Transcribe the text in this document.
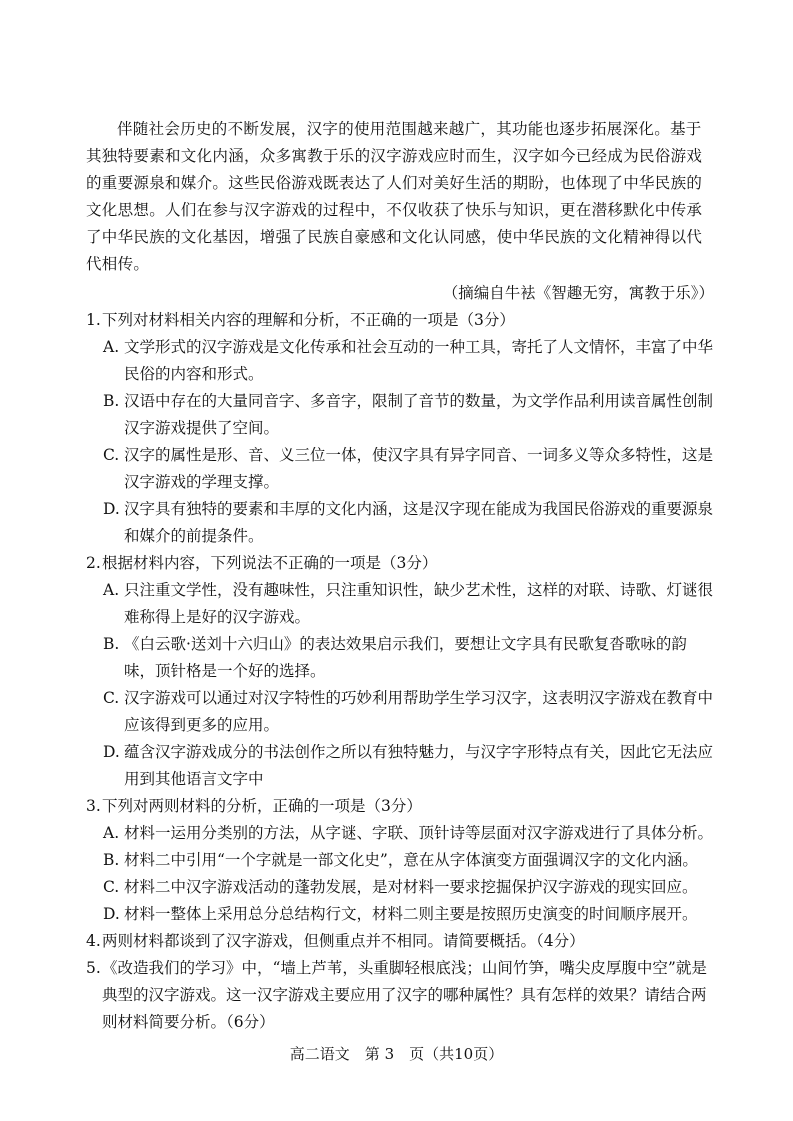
伴随社会历史的不断发展，汉字的使用范围越来越广，其功能也逐步拓展深化。基于其独特要素和文化内涵，众多寓教于乐的汉字游戏应时而生，汉字如今已经成为民俗游戏的重要源泉和媒介。这些民俗游戏既表达了人们对美好生活的期盼，也体现了中华民族的文化思想。人们在参与汉字游戏的过程中，不仅收获了快乐与知识，更在潜移默化中传承了中华民族的文化基因，增强了民族自豪感和文化认同感，使中华民族的文化精神得以代代相传。

（摘编自牛袪《智趣无穷，寓教于乐》）
1. 下列对材料相关内容的理解和分析，不正确的一项是（3分）
A. 文学形式的汉字游戏是文化传承和社会互动的一种工具，寄托了人文情怀，丰富了中华民俗的内容和形式。
B. 汉语中存在的大量同音字、多音字，限制了音节的数量，为文学作品利用读音属性创制汉字游戏提供了空间。
C. 汉字的属性是形、音、义三位一体，使汉字具有异字同音、一词多义等众多特性，这是汉字游戏的学理支撑。
D. 汉字具有独特的要素和丰厚的文化内涵，这是汉字现在能成为我国民俗游戏的重要源泉和媒介的前提条件。
2. 根据材料内容，下列说法不正确的一项是（3分）
A. 只注重文学性，没有趣味性，只注重知识性，缺少艺术性，这样的对联、诗歌、灯谜很难称得上是好的汉字游戏。
B. 《白云歌·送刘十六归山》的表达效果启示我们，要想让文字具有民歌复沓歌咏的韵味，顶针格是一个好的选择。
C. 汉字游戏可以通过对汉字特性的巧妙利用帮助学生学习汉字，这表明汉字游戏在教育中应该得到更多的应用。
D. 蕴含汉字游戏成分的书法创作之所以有独特魅力，与汉字字形特点有关，因此它无法应用到其他语言文字中
3. 下列对两则材料的分析，正确的一项是（3分）
A. 材料一运用分类别的方法，从字谜、字联、顶针诗等层面对汉字游戏进行了具体分析。
B. 材料二中引用“一个字就是一部文化史”，意在从字体演变方面强调汉字的文化内涵。
C. 材料二中汉字游戏活动的蓬勃发展，是对材料一要求挖掘保护汉字游戏的现实回应。
D. 材料一整体上采用总分总结构行文，材料二则主要是按照历史演变的时间顺序展开。
4. 两则材料都谈到了汉字游戏，但侧重点并不相同。请简要概括。（4分）
5. 《改造我们的学习》中，“墙上芦苇，头重脚轻根底浅；山间竹笋，嘴尖皮厚腹中空”就是典型的汉字游戏。这一汉字游戏主要应用了汉字的哪种属性？具有怎样的效果？请结合两则材料简要分析。（6分）
高二语文　第 3　页（共10页）
